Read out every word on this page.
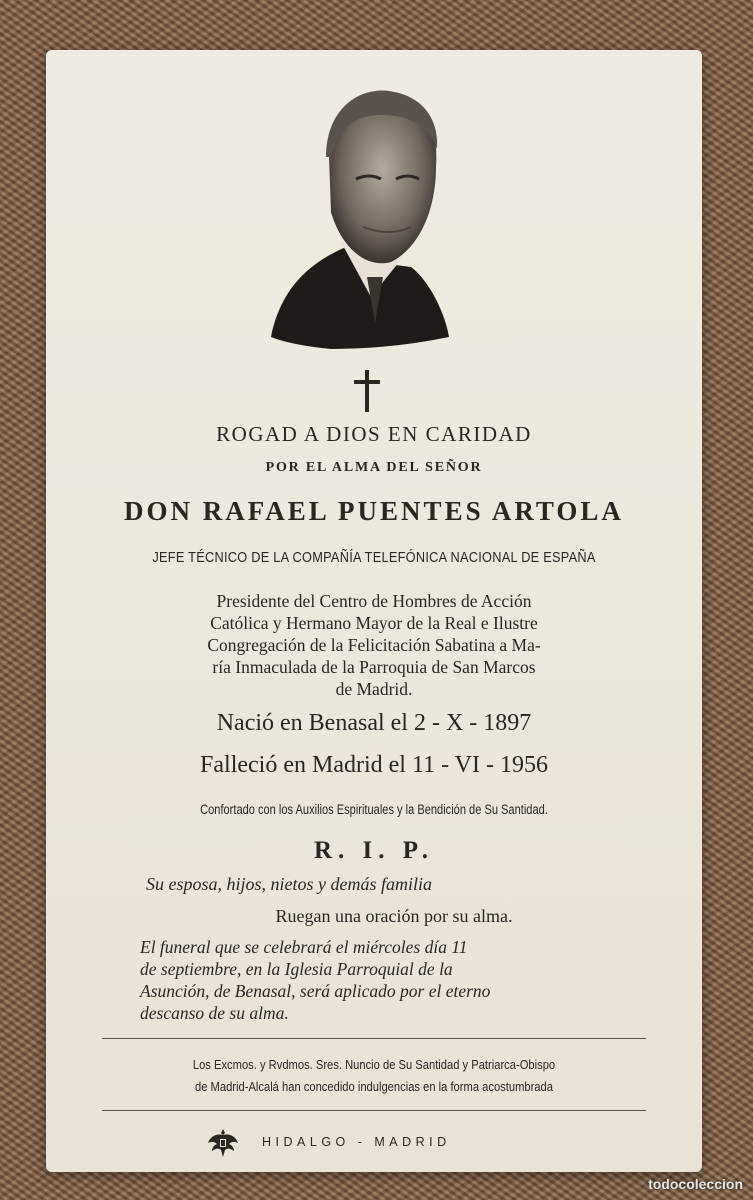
ROGAD A DIOS EN CARIDAD
POR EL ALMA DEL SEÑOR
DON RAFAEL PUENTES ARTOLA
JEFE TÉCNICO DE LA COMPAÑÍA TELEFÓNICA NACIONAL DE ESPAÑA
Presidente del Centro de Hombres de Acción
Católica y Hermano Mayor de la Real e Ilustre
Congregación de la Felicitación Sabatina a Ma-
ría Inmaculada de la Parroquia de San Marcos
de Madrid.
Nació en Benasal el 2 - X - 1897
Falleció en Madrid el 11 - VI - 1956
Confortado con los Auxilios Espirituales y la Bendición de Su Santidad.
R. I. P.
Su esposa, hijos, nietos y demás familia
Ruegan una oración por su alma.
El funeral que se celebrará el miércoles día 11
de septiembre, en la Iglesia Parroquial de la
Asunción, de Benasal, será aplicado por el eterno
descanso de su alma.
Los Excmos. y Rvdmos. Sres. Nuncio de Su Santidad y Patriarca-Obispo
de Madrid-Alcalá han concedido indulgencias en la forma acostumbrada
HIDALGO - MADRID
todocoleccion
